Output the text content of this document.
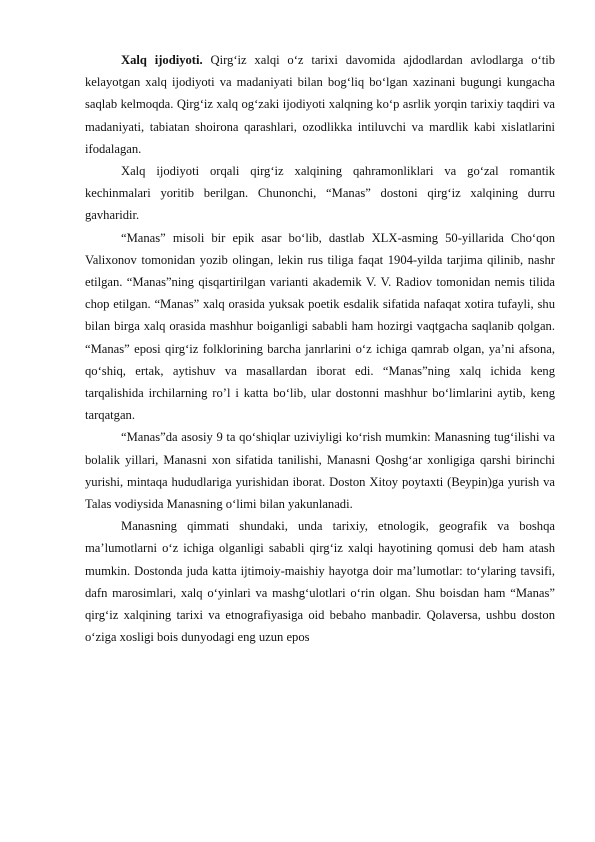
Xalq ijodiyoti. Qirg‘iz xalqi o‘z tarixi davomida ajdodlardan avlodlarga o‘tib kelayotgan xalq ijodiyoti va madaniyati bilan bog‘liq bo‘lgan xazinani bugungi kungacha saqlab kelmoqda. Qirg‘iz xalq og‘zaki ijodiyoti xalqning ko‘p asrlik yorqin tarixiy taqdiri va madaniyati, tabiatan shoirona qarashlari, ozodlikka intiluvchi va mardlik kabi xislatlarini ifodalagan.

Xalq ijodiyoti orqali qirg‘iz xalqining qahramonliklari va go‘zal romantik kechinmalari yoritib berilgan. Chunonchi, “Manas” dostoni qirg‘iz xalqining durru gavharidir.

“Manas” misoli bir epik asar bo‘lib, dastlab XLX-asming 50-yillarida Cho‘qon Valixonov tomonidan yozib olingan, lekin rus tiliga faqat 1904-yilda tarjima qilinib, nashr etilgan. “Manas”ning qisqartirilgan varianti akademik V. V. Radiov tomonidan nemis tilida chop etilgan. “Manas” xalq orasida yuksak poetik esdalik sifatida nafaqat xotira tufayli, shu bilan birga xalq orasida mashhur boiganligi sababli ham hozirgi vaqtgacha saqlanib qolgan. “Manas” eposi qirg‘iz folklorining barcha janrlarini o‘z ichiga qamrab olgan, ya’ni afsona, qo‘shiq, ertak, aytishuv va masallardan iborat edi. “Manas”ning xalq ichida keng tarqalishida irchilarning ro’l i katta bo‘lib, ular dostonni mashhur bo‘limlarini aytib, keng tarqatgan.

“Manas”da asosiy 9 ta qo‘shiqlar uziviyligi ko‘rish mumkin: Manasning tug‘ilishi va bolalik yillari, Manasni xon sifatida tanilishi, Manasni Qoshg‘ar xonligiga qarshi birinchi yurishi, mintaqa hududlariga yurishidan iborat. Doston Xitoy poytaxti (Beypin)ga yurish va Talas vodiysida Manasning o‘limi bilan yakunlanadi.

Manasning qimmati shundaki, unda tarixiy, etnologik, geografik va boshqa ma’lumotlarni o‘z ichiga olganligi sababli qirg‘iz xalqi hayotining qomusi deb ham atash mumkin. Dostonda juda katta ijtimoiy-maishiy hayotga doir ma’lumotlar: to‘ylaring tavsifi, dafn marosimlari, xalq o‘yinlari va mashg‘ulotlari o‘rin olgan. Shu boisdan ham “Manas” qirg‘iz xalqining tarixi va etnografiyasiga oid bebaho manbadir. Qolaversa, ushbu doston o‘ziga xosligi bois dunyodagi eng uzun epos
